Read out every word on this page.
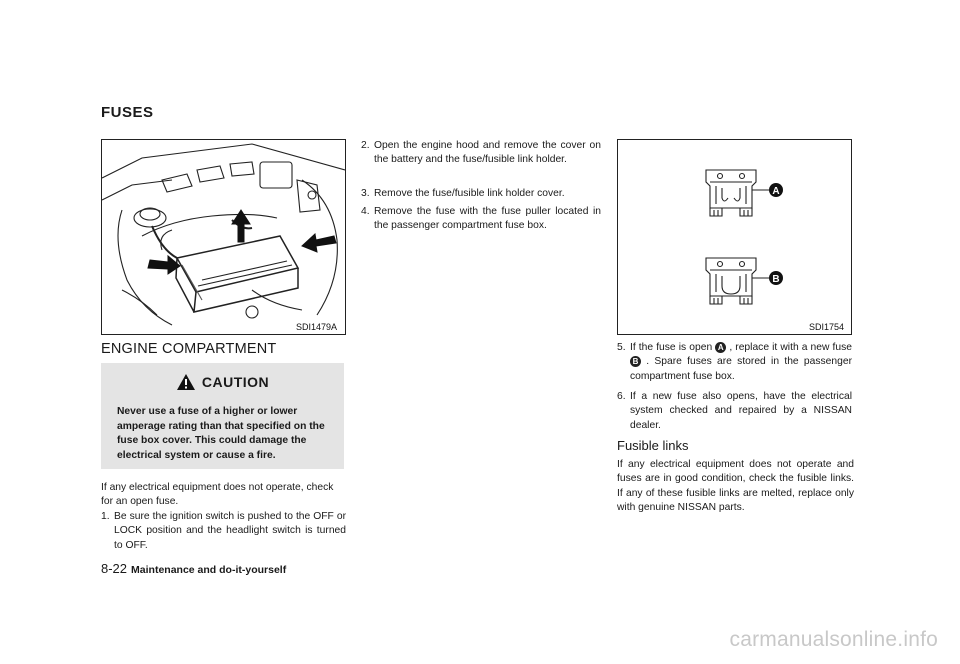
FUSES
SDI1479A
ENGINE COMPARTMENT
CAUTION
Never use a fuse of a higher or lower amperage rating than that specified on the fuse box cover. This could damage the electrical system or cause a fire.
If any electrical equipment does not operate, check for an open fuse.
1. Be sure the ignition switch is pushed to the OFF or LOCK position and the headlight switch is turned to OFF.
2. Open the engine hood and remove the cover on the battery and the fuse/fusible link holder.
3. Remove the fuse/fusible link holder cover.
4. Remove the fuse with the fuse puller located in the passenger compartment fuse box.
A
B
SDI1754
5. If the fuse is open A , replace it with a new fuse B . Spare fuses are stored in the passenger compartment fuse box.
6. If a new fuse also opens, have the electrical system checked and repaired by a NISSAN dealer.
Fusible links
If any electrical equipment does not operate and fuses are in good condition, check the fusible links. If any of these fusible links are melted, replace only with genuine NISSAN parts.
8-22 Maintenance and do-it-yourself
carmanualsonline.info
